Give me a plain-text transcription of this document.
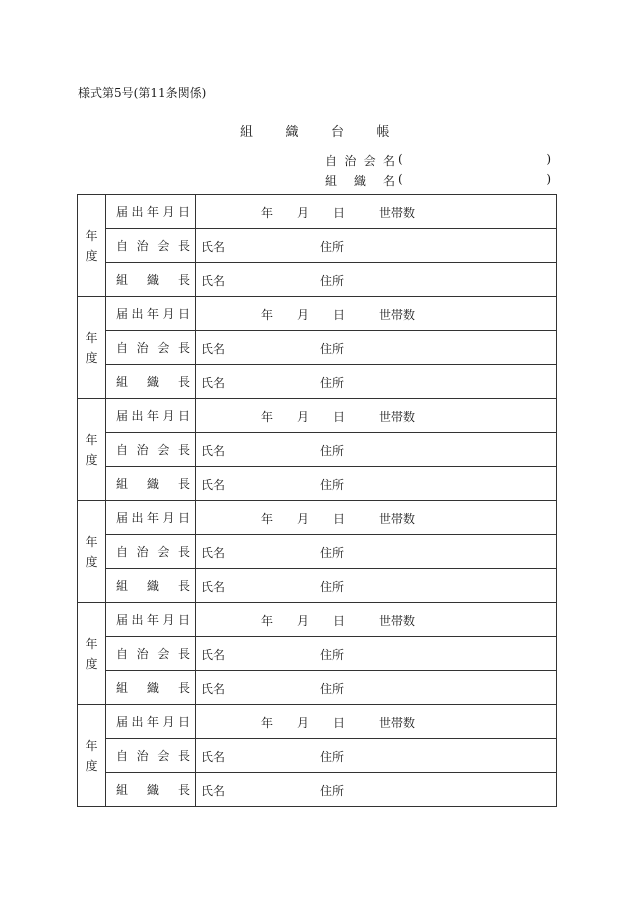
様式第5号(第11条関係)
組 織 台 帳
自 治 会 名 (	)
組 織 名 (	)
年
度	届 出 年 月 日	年 月 日 世帯数

	自 治 会 長	氏名 住所

	組 織 長	氏名 住所

年
度	届 出 年 月 日	年 月 日 世帯数

	自 治 会 長	氏名 住所

	組 織 長	氏名 住所

年
度	届 出 年 月 日	年 月 日 世帯数

	自 治 会 長	氏名 住所

	組 織 長	氏名 住所

年
度	届 出 年 月 日	年 月 日 世帯数

	自 治 会 長	氏名 住所

	組 織 長	氏名 住所

年
度	届 出 年 月 日	年 月 日 世帯数

	自 治 会 長	氏名 住所

	組 織 長	氏名 住所

年
度	届 出 年 月 日	年 月 日 世帯数

	自 治 会 長	氏名 住所

	組 織 長	氏名 住所
